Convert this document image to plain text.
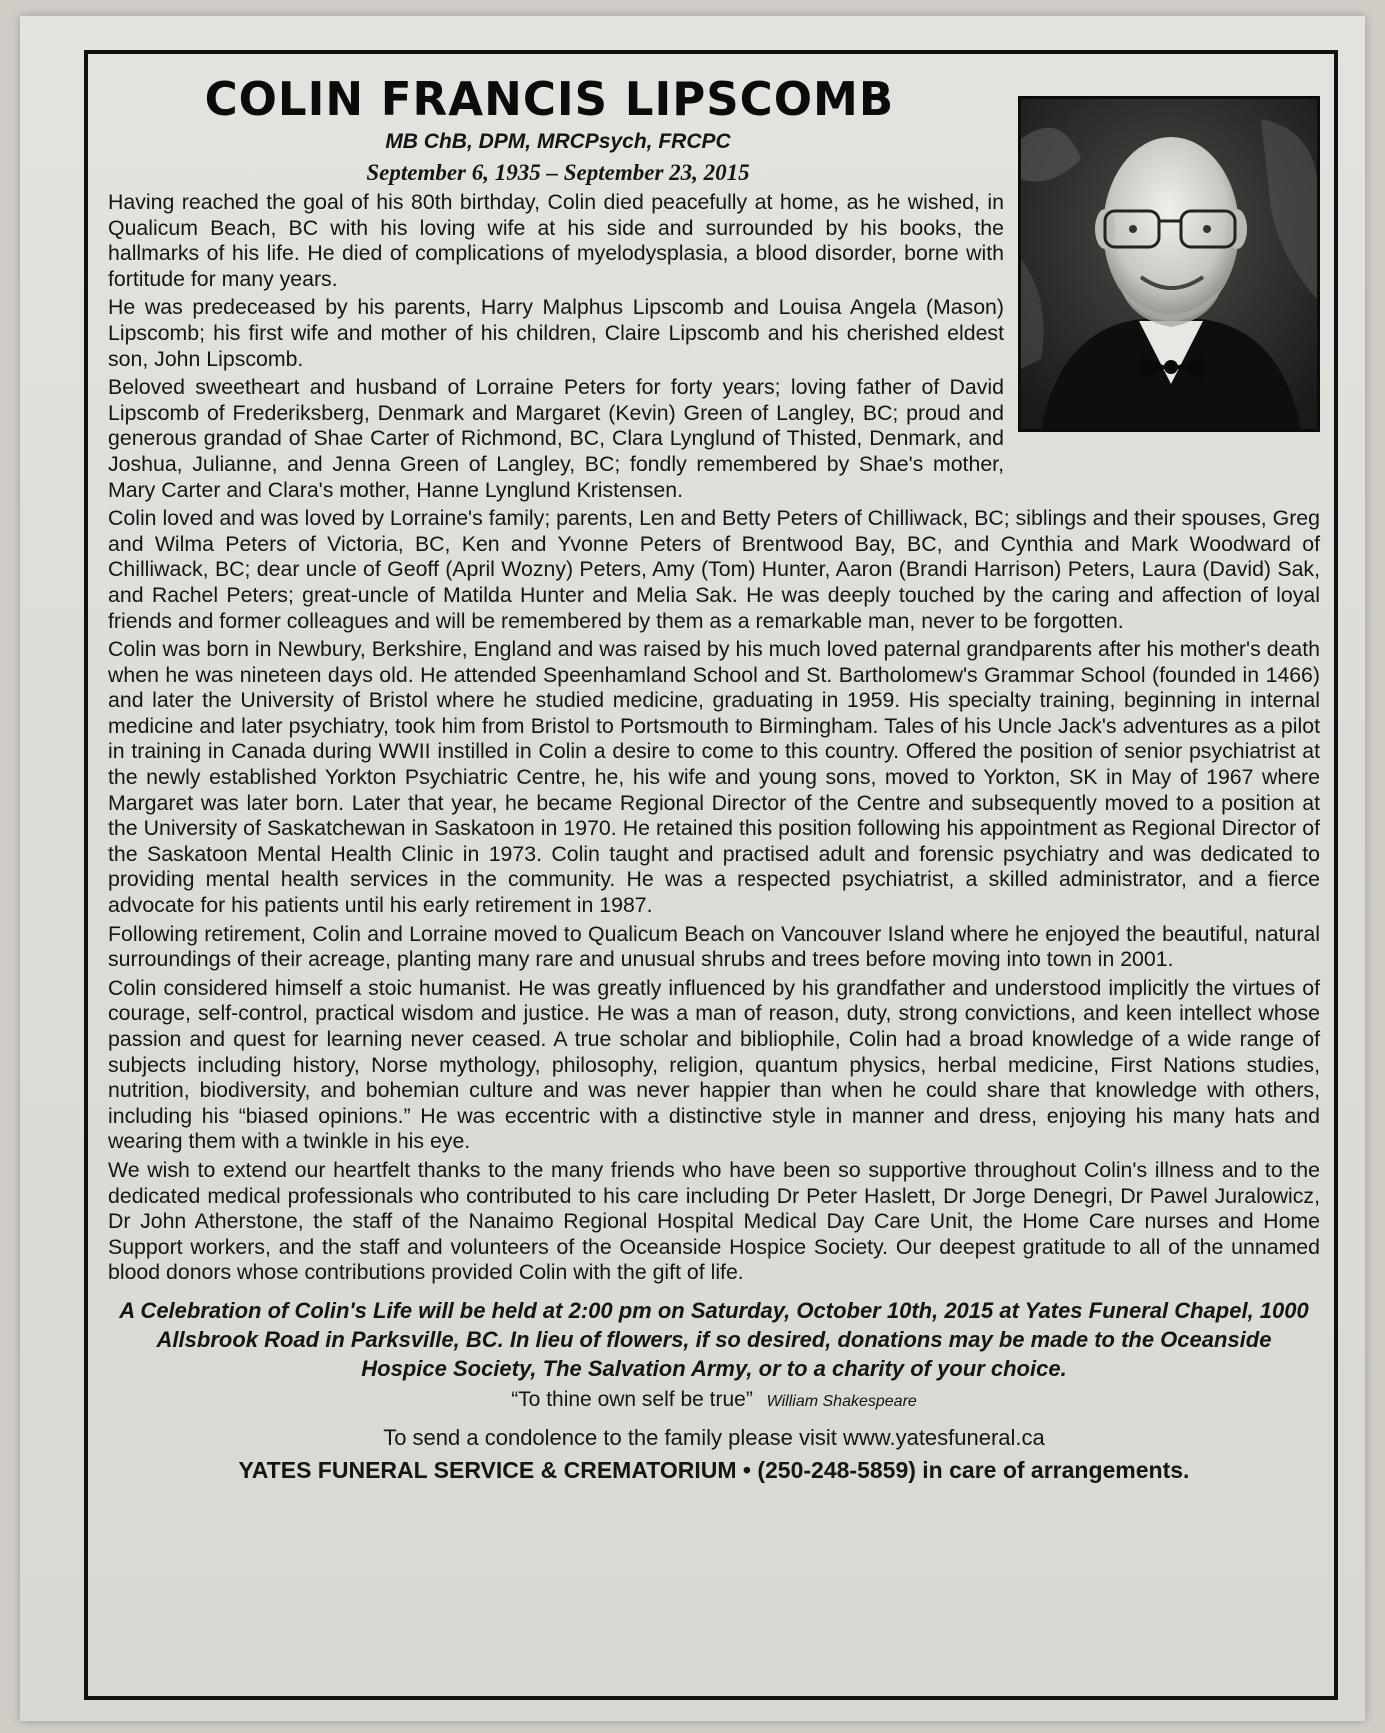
COLIN FRANCIS LIPSCOMB
MB ChB, DPM, MRCPsych, FRCPC
September 6, 1935 – September 23, 2015

Having reached the goal of his 80th birthday, Colin died peacefully at home, as he wished, in Qualicum Beach, BC with his loving wife at his side and surrounded by his books, the hallmarks of his life. He died of complications of myelodysplasia, a blood disorder, borne with fortitude for many years.

He was predeceased by his parents, Harry Malphus Lipscomb and Louisa Angela (Mason) Lipscomb; his first wife and mother of his children, Claire Lipscomb and his cherished eldest son, John Lipscomb.

Beloved sweetheart and husband of Lorraine Peters for forty years; loving father of David Lipscomb of Frederiksberg, Denmark and Margaret (Kevin) Green of Langley, BC; proud and generous grandad of Shae Carter of Richmond, BC, Clara Lynglund of Thisted, Denmark, and Joshua, Julianne, and Jenna Green of Langley, BC; fondly remembered by Shae's mother, Mary Carter and Clara's mother, Hanne Lynglund Kristensen.

Colin loved and was loved by Lorraine's family; parents, Len and Betty Peters of Chilliwack, BC; siblings and their spouses, Greg and Wilma Peters of Victoria, BC, Ken and Yvonne Peters of Brentwood Bay, BC, and Cynthia and Mark Woodward of Chilliwack, BC; dear uncle of Geoff (April Wozny) Peters, Amy (Tom) Hunter, Aaron (Brandi Harrison) Peters, Laura (David) Sak, and Rachel Peters; great-uncle of Matilda Hunter and Melia Sak. He was deeply touched by the caring and affection of loyal friends and former colleagues and will be remembered by them as a remarkable man, never to be forgotten.

Colin was born in Newbury, Berkshire, England and was raised by his much loved paternal grandparents after his mother's death when he was nineteen days old. He attended Speenhamland School and St. Bartholomew's Grammar School (founded in 1466) and later the University of Bristol where he studied medicine, graduating in 1959. His specialty training, beginning in internal medicine and later psychiatry, took him from Bristol to Portsmouth to Birmingham. Tales of his Uncle Jack's adventures as a pilot in training in Canada during WWII instilled in Colin a desire to come to this country. Offered the position of senior psychiatrist at the newly established Yorkton Psychiatric Centre, he, his wife and young sons, moved to Yorkton, SK in May of 1967 where Margaret was later born. Later that year, he became Regional Director of the Centre and subsequently moved to a position at the University of Saskatchewan in Saskatoon in 1970. He retained this position following his appointment as Regional Director of the Saskatoon Mental Health Clinic in 1973. Colin taught and practised adult and forensic psychiatry and was dedicated to providing mental health services in the community. He was a respected psychiatrist, a skilled administrator, and a fierce advocate for his patients until his early retirement in 1987.

Following retirement, Colin and Lorraine moved to Qualicum Beach on Vancouver Island where he enjoyed the beautiful, natural surroundings of their acreage, planting many rare and unusual shrubs and trees before moving into town in 2001.

Colin considered himself a stoic humanist. He was greatly influenced by his grandfather and understood implicitly the virtues of courage, self-control, practical wisdom and justice. He was a man of reason, duty, strong convictions, and keen intellect whose passion and quest for learning never ceased. A true scholar and bibliophile, Colin had a broad knowledge of a wide range of subjects including history, Norse mythology, philosophy, religion, quantum physics, herbal medicine, First Nations studies, nutrition, biodiversity, and bohemian culture and was never happier than when he could share that knowledge with others, including his “biased opinions.” He was eccentric with a distinctive style in manner and dress, enjoying his many hats and wearing them with a twinkle in his eye.

We wish to extend our heartfelt thanks to the many friends who have been so supportive throughout Colin's illness and to the dedicated medical professionals who contributed to his care including Dr Peter Haslett, Dr Jorge Denegri, Dr Pawel Juralowicz, Dr John Atherstone, the staff of the Nanaimo Regional Hospital Medical Day Care Unit, the Home Care nurses and Home Support workers, and the staff and volunteers of the Oceanside Hospice Society. Our deepest gratitude to all of the unnamed blood donors whose contributions provided Colin with the gift of life.

A Celebration of Colin's Life will be held at 2:00 pm on Saturday, October 10th, 2015 at Yates Funeral Chapel, 1000 Allsbrook Road in Parksville, BC. In lieu of flowers, if so desired, donations may be made to the Oceanside Hospice Society, The Salvation Army, or to a charity of your choice.
“To thine own self be true” William Shakespeare
To send a condolence to the family please visit www.yatesfuneral.ca
YATES FUNERAL SERVICE & CREMATORIUM • (250-248-5859) in care of arrangements.
